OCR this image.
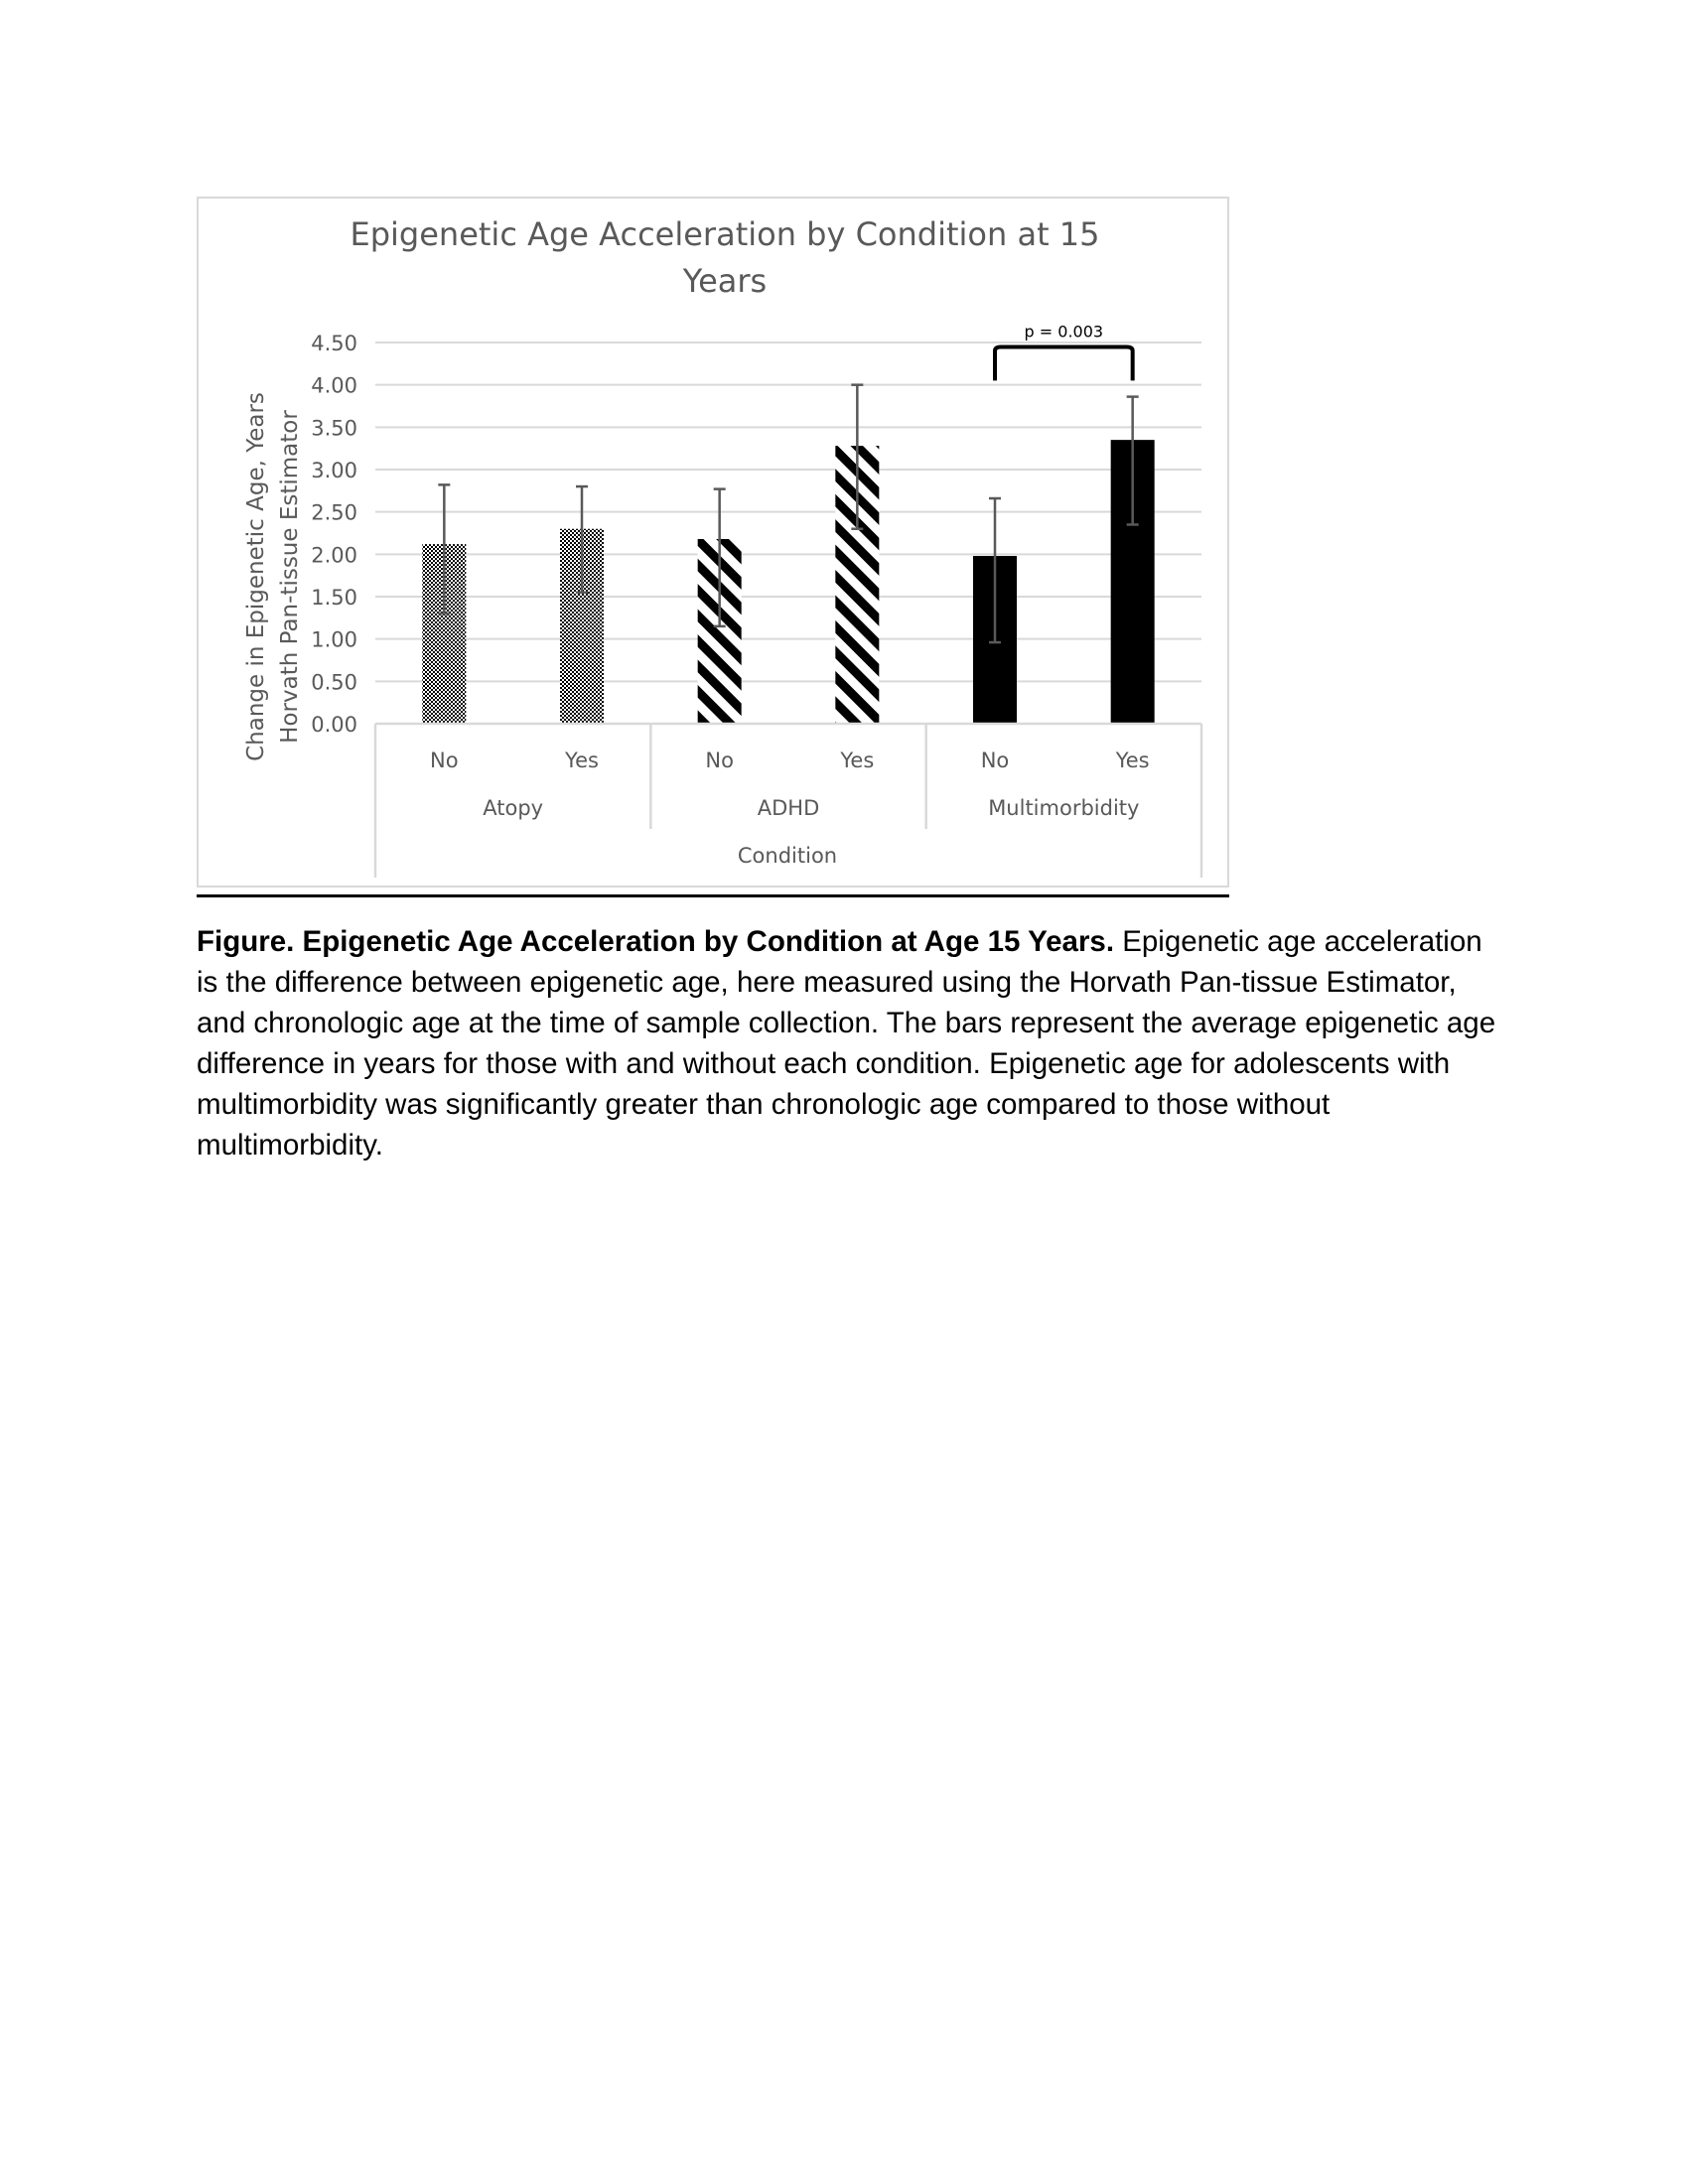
Epigenetic Age Acceleration by Condition at 15
Years
Change in Epigenetic Age, Years Horvath Pan-tissue Estimator 0.00
0.50
1.00
1.50
2.00
2.50
3.00
3.50
4.00
4.50
No	Yes	No	Yes	No	Yes
Atopy	ADHD	Multimorbidity
p = 0.003
Condition

Figure. Epigenetic Age Acceleration by Condition at Age 15 Years. Epigenetic age acceleration is the difference between epigenetic age, here measured using the Horvath Pan-tissue Estimator, and chronologic age at the time of sample collection. The bars represent the average epigenetic age difference in years for those with and without each condition. Epigenetic age for adolescents with multimorbidity was significantly greater than chronologic age compared to those without multimorbidity.
